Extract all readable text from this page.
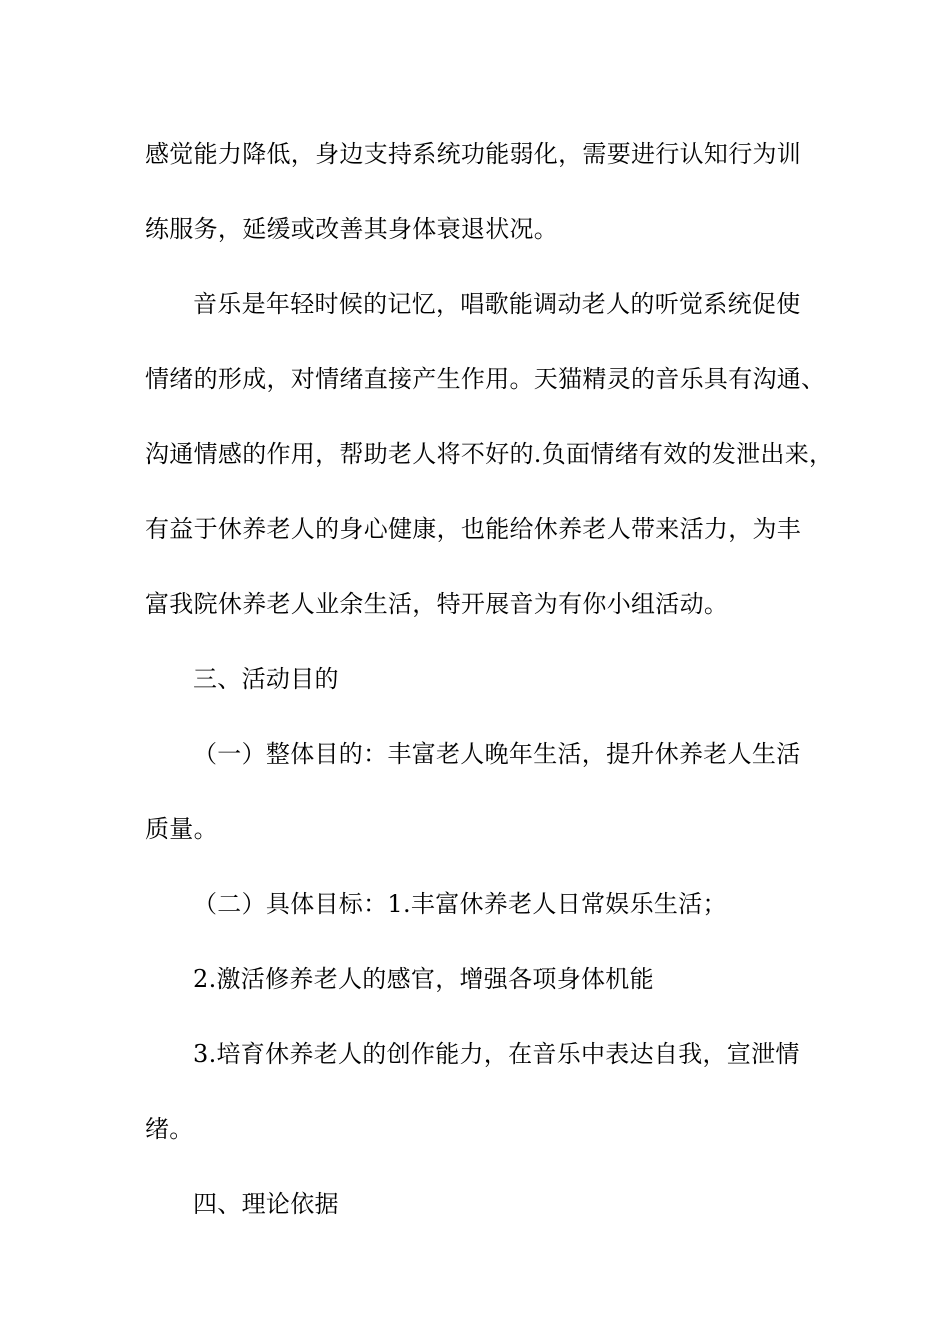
感觉能力降低，身边支持系统功能弱化，需要进行认知行为训
练服务，延缓或改善其身体衰退状况。
音乐是年轻时候的记忆，唱歌能调动老人的听觉系统促使
情绪的形成，对情绪直接产生作用。天猫精灵的音乐具有沟通、
沟通情感的作用，帮助老人将不好的.负面情绪有效的发泄出来，
有益于休养老人的身心健康，也能给休养老人带来活力，为丰
富我院休养老人业余生活，特开展音为有你小组活动。
三、活动目的
（一）整体目的：丰富老人晚年生活，提升休养老人生活
质量。
（二）具体目标：1.丰富休养老人日常娱乐生活；
2.激活修养老人的感官，增强各项身体机能
3.培育休养老人的创作能力，在音乐中表达自我，宣泄情
绪。
四、理论依据
